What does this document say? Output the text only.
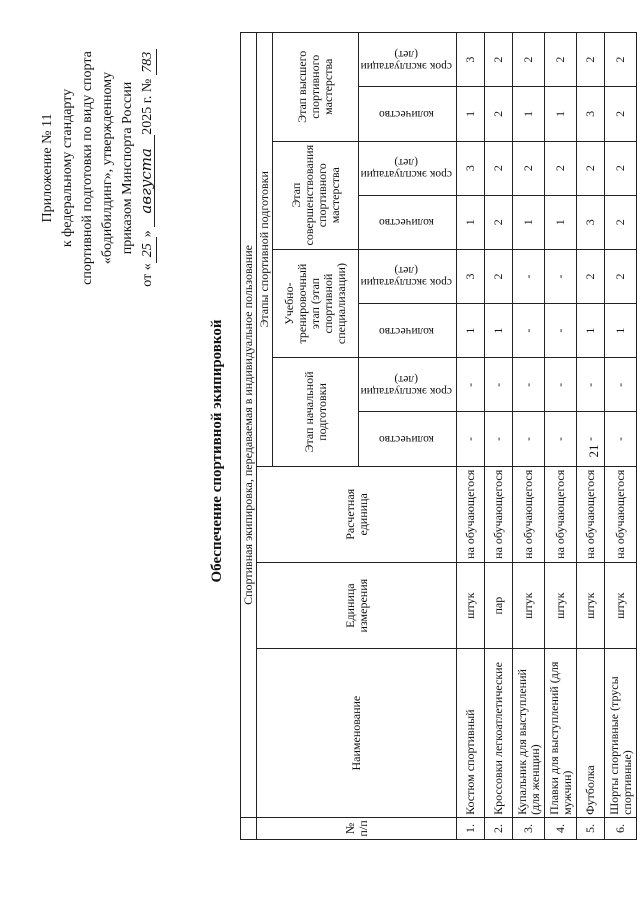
21
Приложение № 11 к федеральному стандарту спортивной подготовки по виду спорта «бодибилдинг», утвержденному приказом Минспорта России
от «25» августа2025 г. № 783
Обеспечение спортивной экипировкой
	Спортивная экипировка, передаваемая в индивидуальное пользование										
№ п/п	Наименование	Единица измерения	Расчетная единица	Этапы спортивной подготовки							
				Этап начальной подготовки		Учебно-тренировочный этап (этап спортивной специализации)		Этап совершенствования спортивного мастерства		Этап высшего спортивного мастерства	
				количество	срок эксплуатации (лет)	количество	срок эксплуатации (лет)	количество	срок эксплуатации (лет)	количество	срок эксплуатации (лет)
1.	Костюм спортивный	штук	на обучающегося	-	-	1	3	1	3	1	3
2.	Кроссовки легкоатлетические	пар	на обучающегося	-	-	1	2	2	2	2	2
3.	Купальник для выступлений (для женщин)	штук	на обучающегося	-	-	-	-	1	2	1	2
4.	Плавки для выступлений (для мужчин)	штук	на обучающегося	-	-	-	-	1	2	1	2
5.	Футболка	штук	на обучающегося	-	-	1	2	3	2	3	2
6.	Шорты спортивные (трусы спортивные)	штук	на обучающегося	-	-	1	2	2	2	2	2
